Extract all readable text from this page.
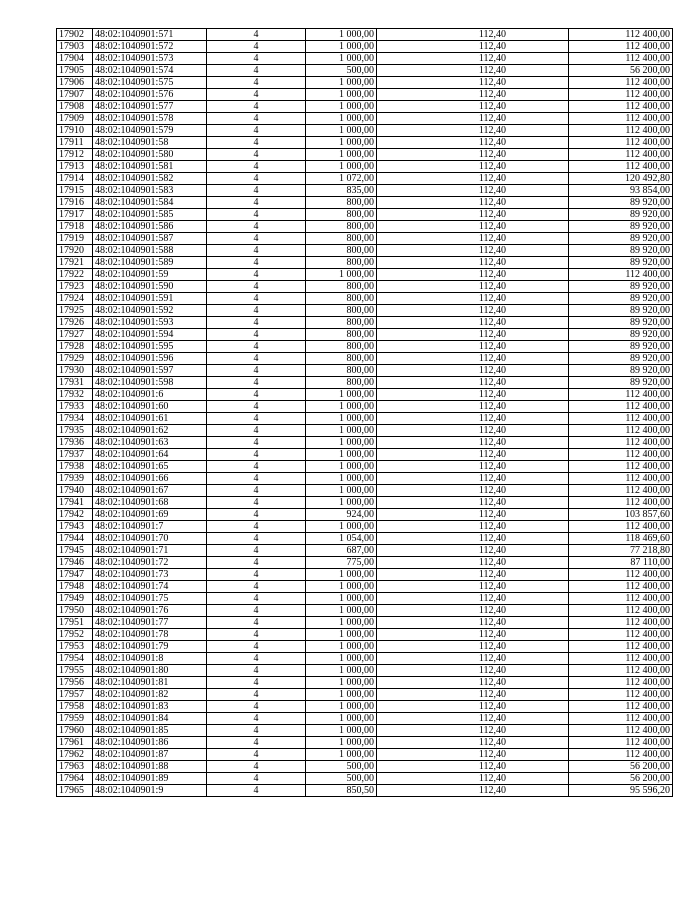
17902	48:02:1040901:571	4	1 000,00	112,40	112 400,00
17903	48:02:1040901:572	4	1 000,00	112,40	112 400,00
17904	48:02:1040901:573	4	1 000,00	112,40	112 400,00
17905	48:02:1040901:574	4	500,00	112,40	56 200,00
17906	48:02:1040901:575	4	1 000,00	112,40	112 400,00
17907	48:02:1040901:576	4	1 000,00	112,40	112 400,00
17908	48:02:1040901:577	4	1 000,00	112,40	112 400,00
17909	48:02:1040901:578	4	1 000,00	112,40	112 400,00
17910	48:02:1040901:579	4	1 000,00	112,40	112 400,00
17911	48:02:1040901:58	4	1 000,00	112,40	112 400,00
17912	48:02:1040901:580	4	1 000,00	112,40	112 400,00
17913	48:02:1040901:581	4	1 000,00	112,40	112 400,00
17914	48:02:1040901:582	4	1 072,00	112,40	120 492,80
17915	48:02:1040901:583	4	835,00	112,40	93 854,00
17916	48:02:1040901:584	4	800,00	112,40	89 920,00
17917	48:02:1040901:585	4	800,00	112,40	89 920,00
17918	48:02:1040901:586	4	800,00	112,40	89 920,00
17919	48:02:1040901:587	4	800,00	112,40	89 920,00
17920	48:02:1040901:588	4	800,00	112,40	89 920,00
17921	48:02:1040901:589	4	800,00	112,40	89 920,00
17922	48:02:1040901:59	4	1 000,00	112,40	112 400,00
17923	48:02:1040901:590	4	800,00	112,40	89 920,00
17924	48:02:1040901:591	4	800,00	112,40	89 920,00
17925	48:02:1040901:592	4	800,00	112,40	89 920,00
17926	48:02:1040901:593	4	800,00	112,40	89 920,00
17927	48:02:1040901:594	4	800,00	112,40	89 920,00
17928	48:02:1040901:595	4	800,00	112,40	89 920,00
17929	48:02:1040901:596	4	800,00	112,40	89 920,00
17930	48:02:1040901:597	4	800,00	112,40	89 920,00
17931	48:02:1040901:598	4	800,00	112,40	89 920,00
17932	48:02:1040901:6	4	1 000,00	112,40	112 400,00
17933	48:02:1040901:60	4	1 000,00	112,40	112 400,00
17934	48:02:1040901:61	4	1 000,00	112,40	112 400,00
17935	48:02:1040901:62	4	1 000,00	112,40	112 400,00
17936	48:02:1040901:63	4	1 000,00	112,40	112 400,00
17937	48:02:1040901:64	4	1 000,00	112,40	112 400,00
17938	48:02:1040901:65	4	1 000,00	112,40	112 400,00
17939	48:02:1040901:66	4	1 000,00	112,40	112 400,00
17940	48:02:1040901:67	4	1 000,00	112,40	112 400,00
17941	48:02:1040901:68	4	1 000,00	112,40	112 400,00
17942	48:02:1040901:69	4	924,00	112,40	103 857,60
17943	48:02:1040901:7	4	1 000,00	112,40	112 400,00
17944	48:02:1040901:70	4	1 054,00	112,40	118 469,60
17945	48:02:1040901:71	4	687,00	112,40	77 218,80
17946	48:02:1040901:72	4	775,00	112,40	87 110,00
17947	48:02:1040901:73	4	1 000,00	112,40	112 400,00
17948	48:02:1040901:74	4	1 000,00	112,40	112 400,00
17949	48:02:1040901:75	4	1 000,00	112,40	112 400,00
17950	48:02:1040901:76	4	1 000,00	112,40	112 400,00
17951	48:02:1040901:77	4	1 000,00	112,40	112 400,00
17952	48:02:1040901:78	4	1 000,00	112,40	112 400,00
17953	48:02:1040901:79	4	1 000,00	112,40	112 400,00
17954	48:02:1040901:8	4	1 000,00	112,40	112 400,00
17955	48:02:1040901:80	4	1 000,00	112,40	112 400,00
17956	48:02:1040901:81	4	1 000,00	112,40	112 400,00
17957	48:02:1040901:82	4	1 000,00	112,40	112 400,00
17958	48:02:1040901:83	4	1 000,00	112,40	112 400,00
17959	48:02:1040901:84	4	1 000,00	112,40	112 400,00
17960	48:02:1040901:85	4	1 000,00	112,40	112 400,00
17961	48:02:1040901:86	4	1 000,00	112,40	112 400,00
17962	48:02:1040901:87	4	1 000,00	112,40	112 400,00
17963	48:02:1040901:88	4	500,00	112,40	56 200,00
17964	48:02:1040901:89	4	500,00	112,40	56 200,00
17965	48:02:1040901:9	4	850,50	112,40	95 596,20
